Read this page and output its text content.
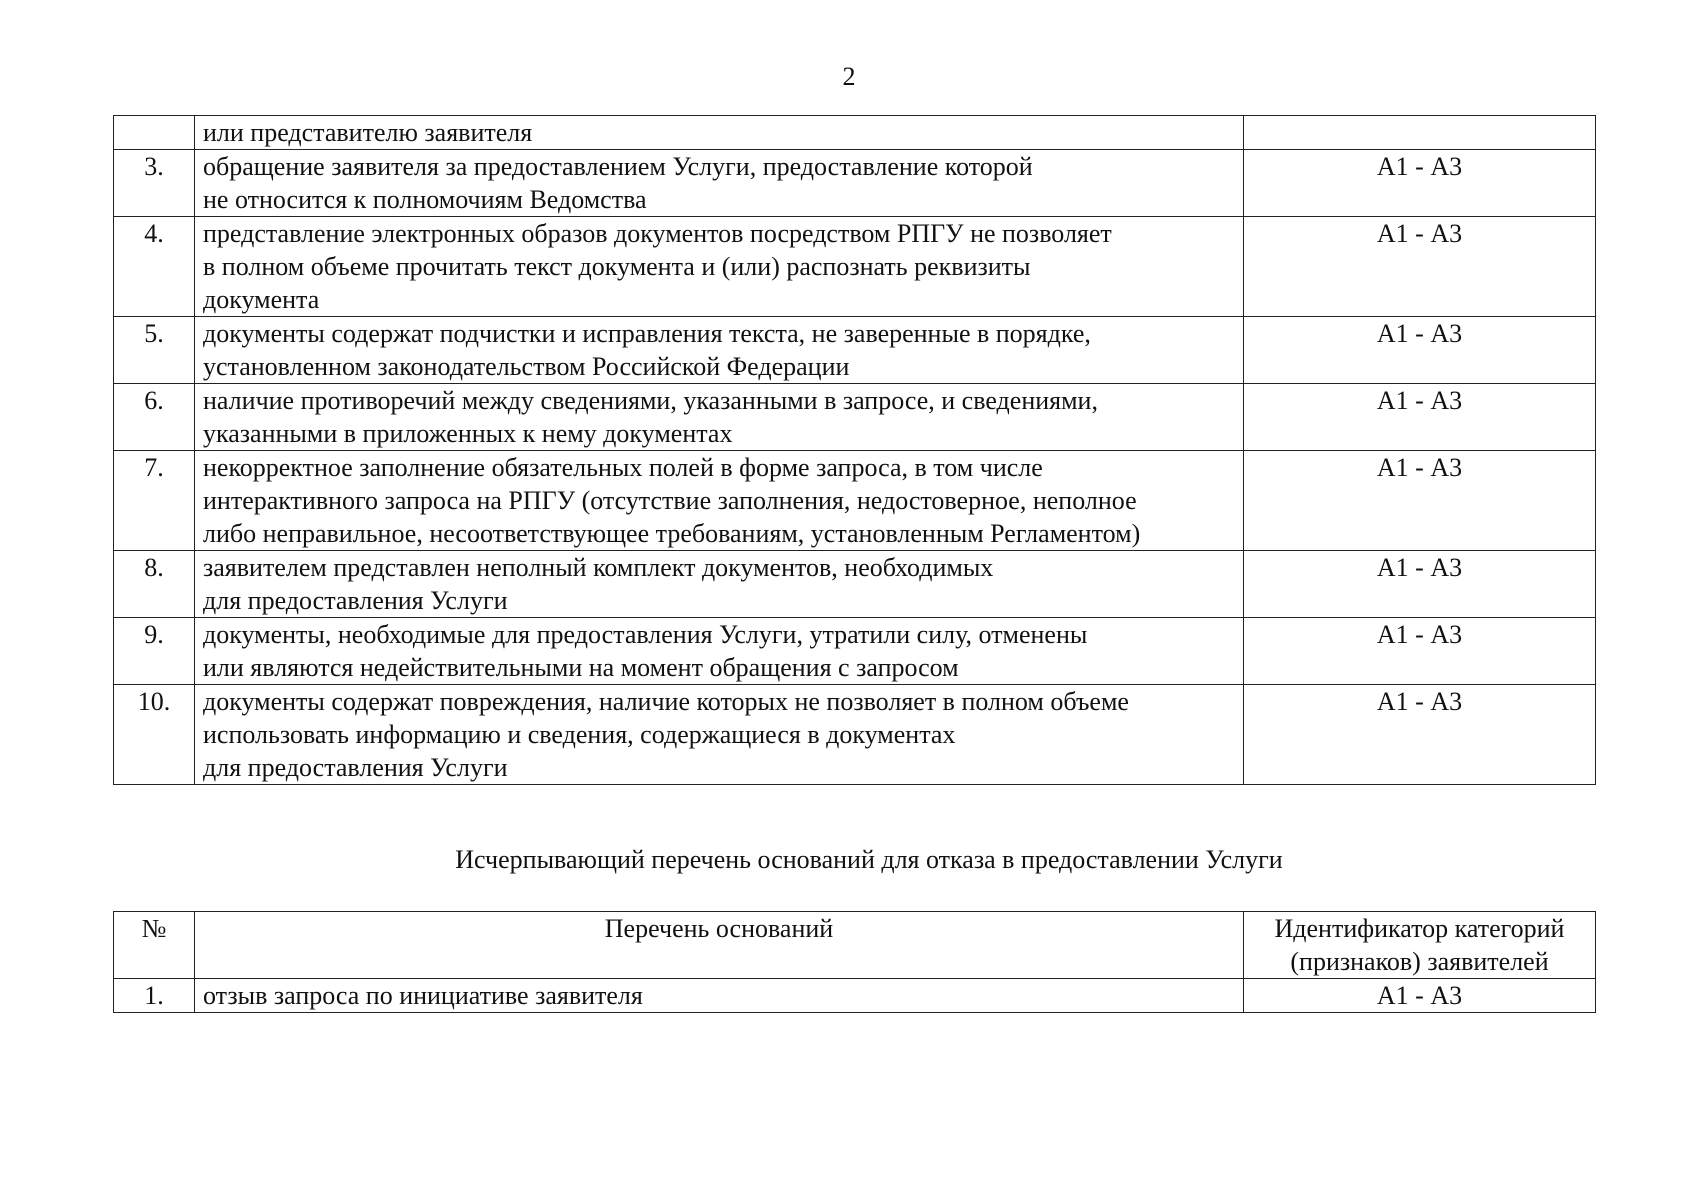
2

	или представителю заявителя	

3.	обращение заявителя за предоставлением Услуги, предоставление которой
не относится к полномочиям Ведомства	А1 - А3
4.	представление электронных образов документов посредством РПГУ не позволяет
в полном объеме прочитать текст документа и (или) распознать реквизиты
документа	А1 - А3
5.	документы содержат подчистки и исправления текста, не заверенные в порядке,
установленном законодательством Российской Федерации	А1 - А3
6.	наличие противоречий между сведениями, указанными в запросе, и сведениями,
указанными в приложенных к нему документах	А1 - А3
7.	некорректное заполнение обязательных полей в форме запроса, в том числе
интерактивного запроса на РПГУ (отсутствие заполнения, недостоверное, неполное
либо неправильное, несоответствующее требованиям, установленным Регламентом)	А1 - А3
8.	заявителем представлен неполный комплект документов, необходимых
для предоставления Услуги	А1 - А3
9.	документы, необходимые для предоставления Услуги, утратили силу, отменены
или являются недействительными на момент обращения с запросом	А1 - А3
10.	документы содержат повреждения, наличие которых не позволяет в полном объеме
использовать информацию и сведения, содержащиеся в документах
для предоставления Услуги	А1 - А3
Исчерпывающий перечень оснований для отказа в предоставлении Услуги
№	Перечень оснований	Идентификатор категорий
(признаков) заявителей

1.	отзыв запроса по инициативе заявителя	А1 - А3
